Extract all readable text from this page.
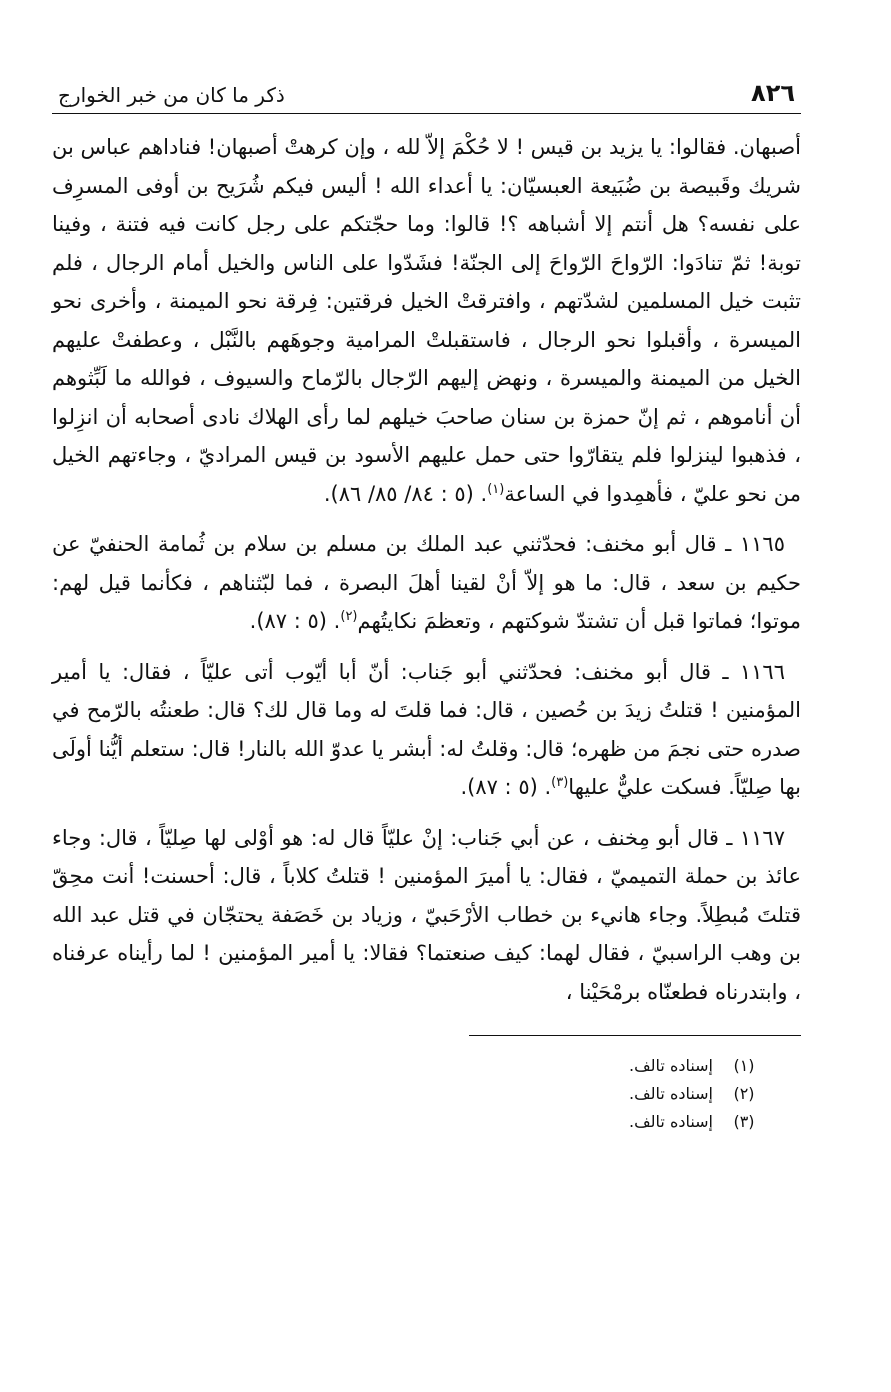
٨٢٦
ذكر ما كان من خبر الخوارج

أصبهان. فقالوا: يا يزيد بن قيس ! لا حُكْمَ إلاّ لله ، وإن كرهتْ أصبهان! فناداهم عباس بن شريك وقَبيصة بن ضُبَيعة العبسيّان: يا أعداء الله ! أليس فيكم شُرَيح بن أوفى المسرِف على نفسه؟ هل أنتم إلا أشباهه ؟! قالوا: وما حجّتكم على رجل كانت فيه فتنة ، وفينا توبة! ثمّ تنادَوا: الرّواحَ الرّواحَ إلى الجنّة! فشَدّوا على الناس والخيل أمام الرجال ، فلم تثبت خيل المسلمين لشدّتهم ، وافترقتْ الخيل فرقتين: فِرقة نحو الميمنة ، وأخرى نحو الميسرة ، وأقبلوا نحو الرجال ، فاستقبلتْ المرامية وجوهَهم بالنَّبْل ، وعطفتْ عليهم الخيل من الميمنة والميسرة ، ونهض إليهم الرّجال بالرّماح والسيوف ، فوالله ما لَبِّثوهم أن أناموهم ، ثم إنّ حمزة بن سنان صاحبَ خيلهم لما رأى الهلاك نادى أصحابه أن انزِلوا ، فذهبوا لينزلوا فلم يتقارّوا حتى حمل عليهم الأسود بن قيس المراديّ ، وجاءتهم الخيل من نحو عليّ ، فأهمِدوا في الساعة$^{(١)}$. (٥ : ٨٤/ ٨٥/ ٨٦).

١١٦٥ ـ قال أبو مخنف: فحدّثني عبد الملك بن مسلم بن سلام بن ثُمامة الحنفيّ عن حكيم بن سعد ، قال: ما هو إلاّ أنْ لقينا أهلَ البصرة ، فما لبّثناهم ، فكأنما قيل لهم: موتوا؛ فماتوا قبل أن تشتدّ شوكتهم ، وتعظمَ نكايتُهم$^{(٢)}$. (٥ : ٨٧).

١١٦٦ ـ قال أبو مخنف: فحدّثني أبو جَناب: أنّ أبا أيّوب أتى عليّاً ، فقال: يا أمير المؤمنين ! قتلتُ زيدَ بن حُصين ، قال: فما قلتَ له وما قال لك؟ قال: طعنتُه بالرّمح في صدره حتى نجمَ من ظهره؛ قال: وقلتُ له: أبشر يا عدوّ الله بالنار! قال: ستعلم أيُّنا أولَى بها صِليّاً. فسكت عليٌّ عليها$^{(٣)}$. (٥ : ٨٧).

١١٦٧ ـ قال أبو مِخنف ، عن أبي جَناب: إنْ عليّاً قال له: هو أوْلى لها صِليّاً ، قال: وجاء عائذ بن حملة التميميّ ، فقال: يا أميرَ المؤمنين ! قتلتُ كلاباً ، قال: أحسنت! أنت محِقّ قتلتَ مُبطِلاً. وجاء هانيء بن خطاب الأرْحَبيّ ، وزياد بن خَصَفة يحتجّان في قتل عبد الله بن وهب الراسبيّ ، فقال لهما: كيف صنعتما؟ فقالا: يا أمير المؤمنين ! لما رأيناه عرفناه ، وابتدرناه فطعنّاه برمْحَيْنا ،

(١)
إسناده تالف.
(٢)
إسناده تالف.
(٣)
إسناده تالف.
